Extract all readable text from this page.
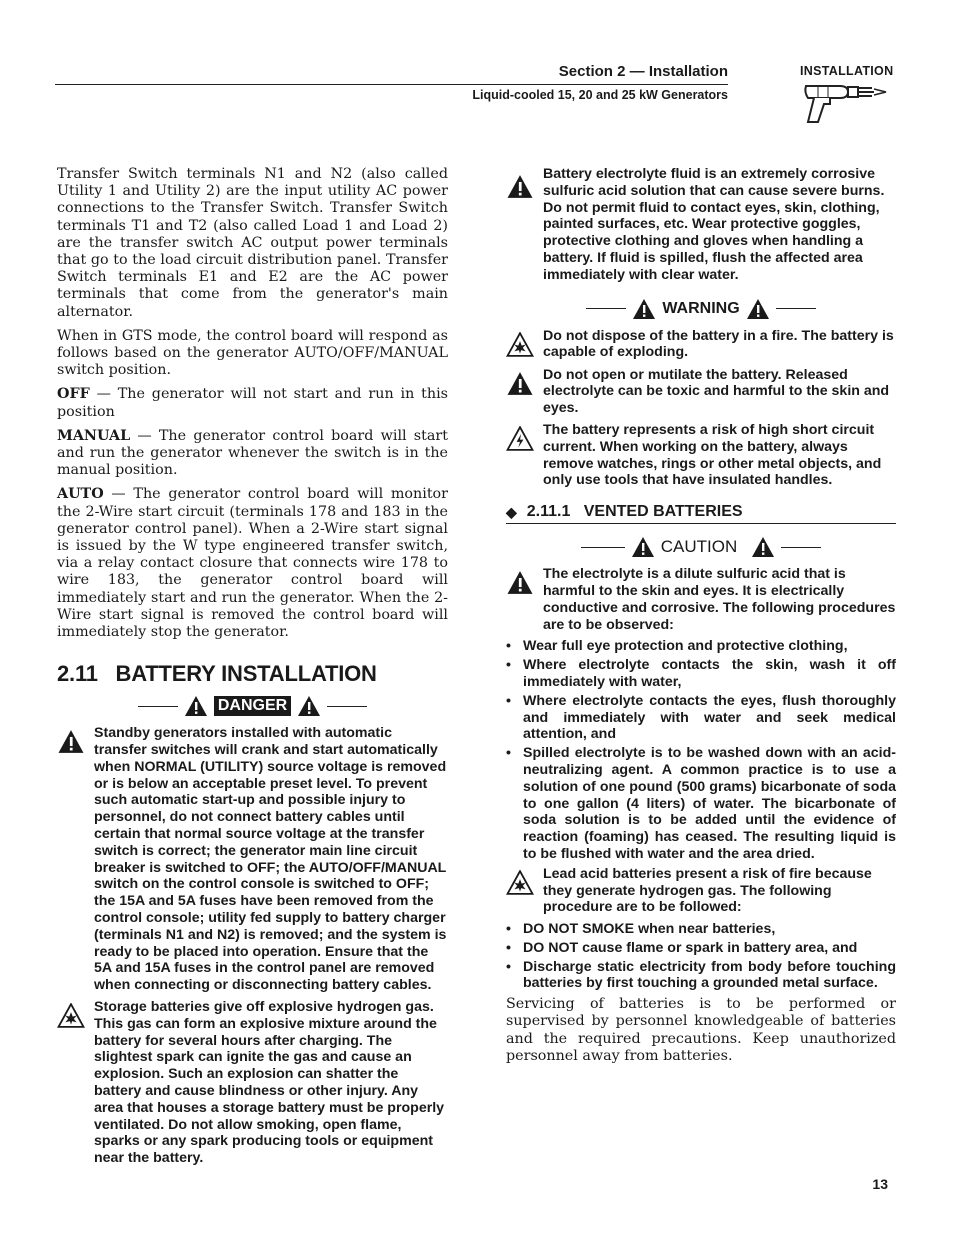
Section 2 — Installation
Liquid-cooled 15, 20 and 25 kW Generators
INSTALLATION

Transfer Switch terminals N1 and N2 (also called Utility 1 and Utility 2) are the input utility AC power connections to the Transfer Switch. Transfer Switch terminals T1 and T2 (also called Load 1 and Load 2) are the transfer switch AC output power terminals that go to the load circuit distribution panel. Transfer Switch terminals E1 and E2 are the AC power terminals that come from the generator's main alternator.

When in GTS mode, the control board will respond as follows based on the generator AUTO/OFF/MANUAL switch position.

OFF — The generator will not start and run in this position

MANUAL — The generator control board will start and run the generator whenever the switch is in the manual position.

AUTO — The generator control board will monitor the 2-Wire start circuit (terminals 178 and 183 in the generator control panel). When a 2-Wire start signal is issued by the W type engineered transfer switch, via a relay contact closure that connects wire 178 to wire 183, the generator control board will immediately start and run the generator. When the 2-Wire start signal is removed the control board will immediately stop the generator.

2.11   BATTERY INSTALLATION
DANGER
Standby generators installed with automatic transfer switches will crank and start automatically when NORMAL (UTILITY) source voltage is removed or is below an acceptable preset level. To prevent such automatic start-up and possible injury to personnel, do not connect battery cables until certain that normal source voltage at the transfer switch is correct; the generator main line circuit breaker is switched to OFF; the AUTO/OFF/MANUAL switch on the control console is switched to OFF; the 15A and 5A fuses have been removed from the control console; utility fed supply to battery charger (terminals N1 and N2) is removed; and the system is ready to be placed into operation. Ensure that the 5A and 15A fuses in the control panel are removed when connecting or disconnecting battery cables.
Storage batteries give off explosive hydrogen gas. This gas can form an explosive mixture around the battery for several hours after charging. The slightest spark can ignite the gas and cause an explosion. Such an explosion can shatter the battery and cause blindness or other injury. Any area that houses a storage battery must be properly ventilated. Do not allow smoking, open flame, sparks or any spark producing tools or equipment near the battery.
Battery electrolyte fluid is an extremely corrosive sulfuric acid solution that can cause severe burns. Do not permit fluid to contact eyes, skin, clothing, painted surfaces, etc. Wear protective goggles, protective clothing and gloves when handling a battery. If fluid is spilled, flush the affected area immediately with clear water.
WARNING
Do not dispose of the battery in a fire. The battery is capable of exploding.
Do not open or mutilate the battery. Released electrolyte can be toxic and harmful to the skin and eyes.
The battery represents a risk of high short circuit current. When working on the battery, always remove watches, rings or other metal objects, and only use tools that have insulated handles.
◆ 2.11.1   VENTED BATTERIES
CAUTION
The electrolyte is a dilute sulfuric acid that is harmful to the skin and eyes. It is electrically conductive and corrosive. The following procedures are to be observed:
• Wear full eye protection and protective clothing,
• Where electrolyte contacts the skin, wash it off immediately with water,
• Where electrolyte contacts the eyes, flush thoroughly and immediately with water and seek medical attention, and
• Spilled electrolyte is to be washed down with an acid-neutralizing agent. A common practice is to use a solution of one pound (500 grams) bicarbonate of soda to one gallon (4 liters) of water. The bicarbonate of soda solution is to be added until the evidence of reaction (foaming) has ceased. The resulting liquid is to be flushed with water and the area dried.
Lead acid batteries present a risk of fire because they generate hydrogen gas. The following procedure are to be followed:
• DO NOT SMOKE when near batteries,
• DO NOT cause flame or spark in battery area, and
• Discharge static electricity from body before touching batteries by first touching a grounded metal surface.

Servicing of batteries is to be performed or supervised by personnel knowledgeable of batteries and the required precautions. Keep unauthorized personnel away from batteries.

13
